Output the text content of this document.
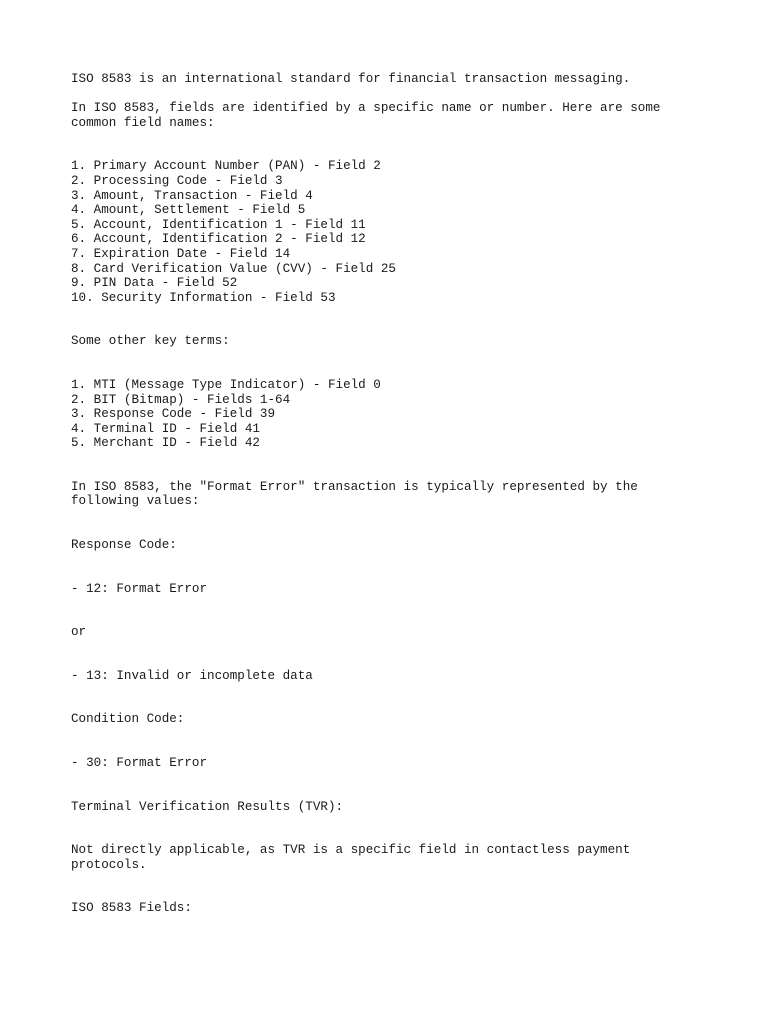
ISO 8583 is an international standard for financial transaction messaging.
In ISO 8583, fields are identified by a specific name or number. Here are some
common field names:
1. Primary Account Number (PAN) - Field 2
2. Processing Code - Field 3
3. Amount, Transaction - Field 4
4. Amount, Settlement - Field 5
5. Account, Identification 1 - Field 11
6. Account, Identification 2 - Field 12
7. Expiration Date - Field 14
8. Card Verification Value (CVV) - Field 25
9. PIN Data - Field 52
10. Security Information - Field 53
Some other key terms:
1. MTI (Message Type Indicator) - Field 0
2. BIT (Bitmap) - Fields 1-64
3. Response Code - Field 39
4. Terminal ID - Field 41
5. Merchant ID - Field 42
In ISO 8583, the "Format Error" transaction is typically represented by the
following values:
Response Code:
- 12: Format Error
or
- 13: Invalid or incomplete data
Condition Code:
- 30: Format Error
Terminal Verification Results (TVR):
Not directly applicable, as TVR is a specific field in contactless payment
protocols.
ISO 8583 Fields:
